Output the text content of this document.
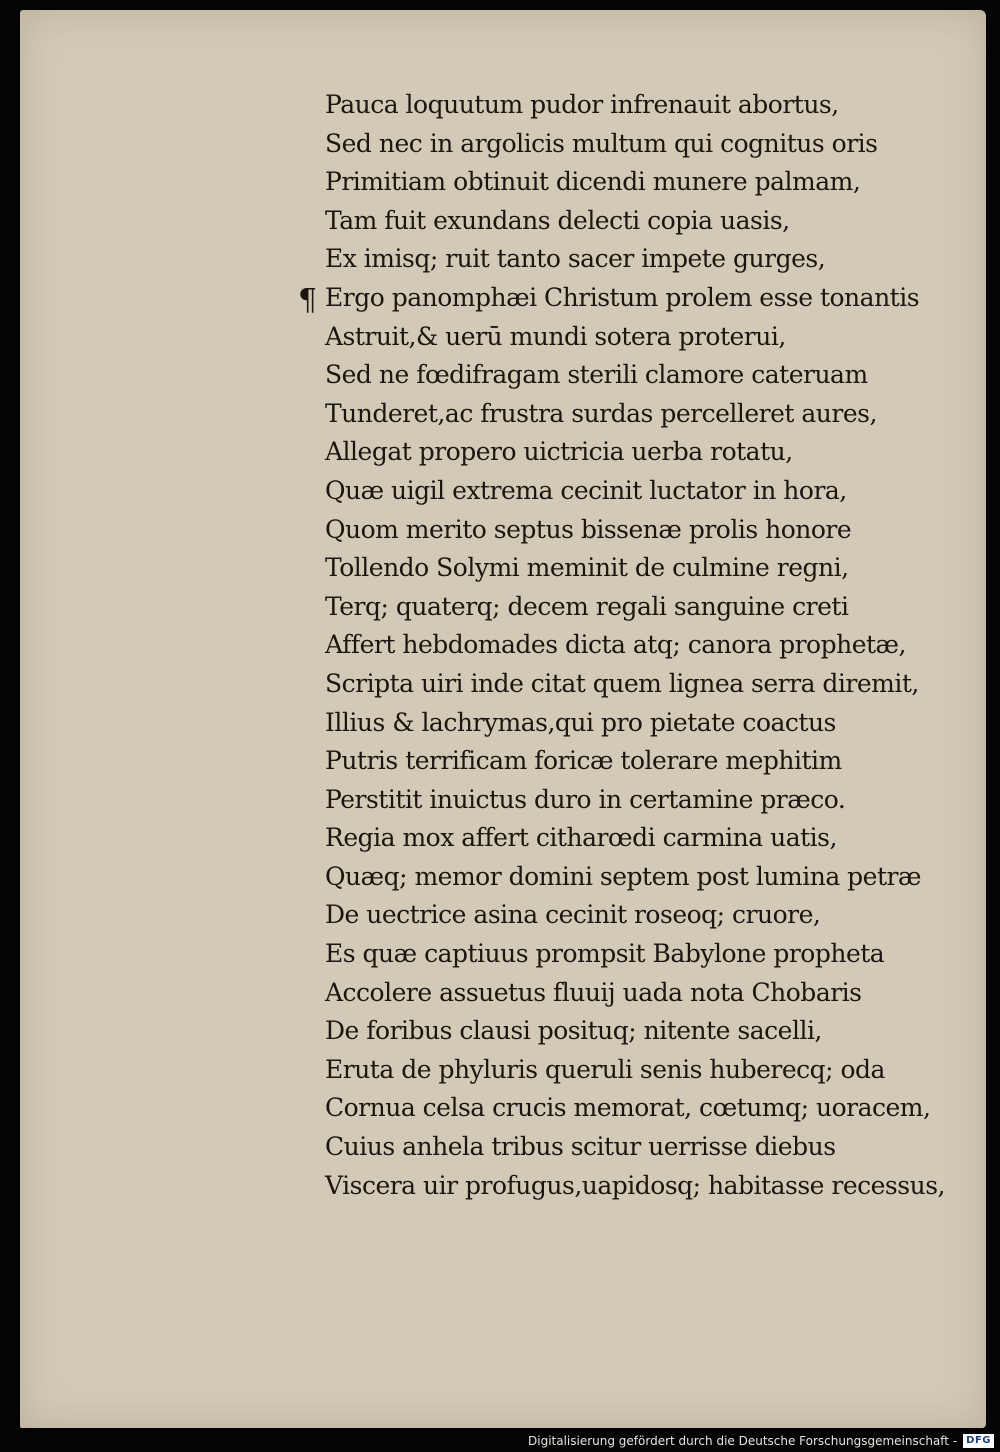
¶
Pauca loquutum pudor infrenauit abortus,
Sed nec in argolicis multum qui cognitus oris
Primitiam obtinuit dicendi munere palmam,
Tam fuit exundans delecti copia uasis,
Ex imisq; ruit tanto sacer impete gurges,
Ergo panomphæi Christum prolem esse tonantis
Astruit,& uerū mundi sotera proterui,
Sed ne fœdifragam sterili clamore cateruam
Tunderet,ac frustra surdas percelleret aures,
Allegat propero uictricia uerba rotatu,
Quæ uigil extrema cecinit luctator in hora,
Quom merito septus bissenæ prolis honore
Tollendo Solymi meminit de culmine regni,
Terq; quaterq; decem regali sanguine creti
Affert hebdomades dicta atq; canora prophetæ,
Scripta uiri inde citat quem lignea serra diremit,
Illius & lachrymas,qui pro pietate coactus
Putris terrificam foricæ tolerare mephitim
Perstitit inuictus duro in certamine præco.
Regia mox affert citharœdi carmina uatis,
Quæq; memor domini septem post lumina petræ
De uectrice asina cecinit roseoq; cruore,
Es quæ captiuus prompsit Babylone propheta
Accolere assuetus fluuij uada nota Chobaris
De foribus clausi posituq; nitente sacelli,
Eruta de phyluris queruli senis huberecq; oda
Cornua celsa crucis memorat, cœtumq; uoracem,
Cuius anhela tribus scitur uerrisse diebus
Viscera uir profugus,uapidosq; habitasse recessus,
Digitalisierung gefördert durch die Deutsche Forschungsgemeinschaft - DFG
